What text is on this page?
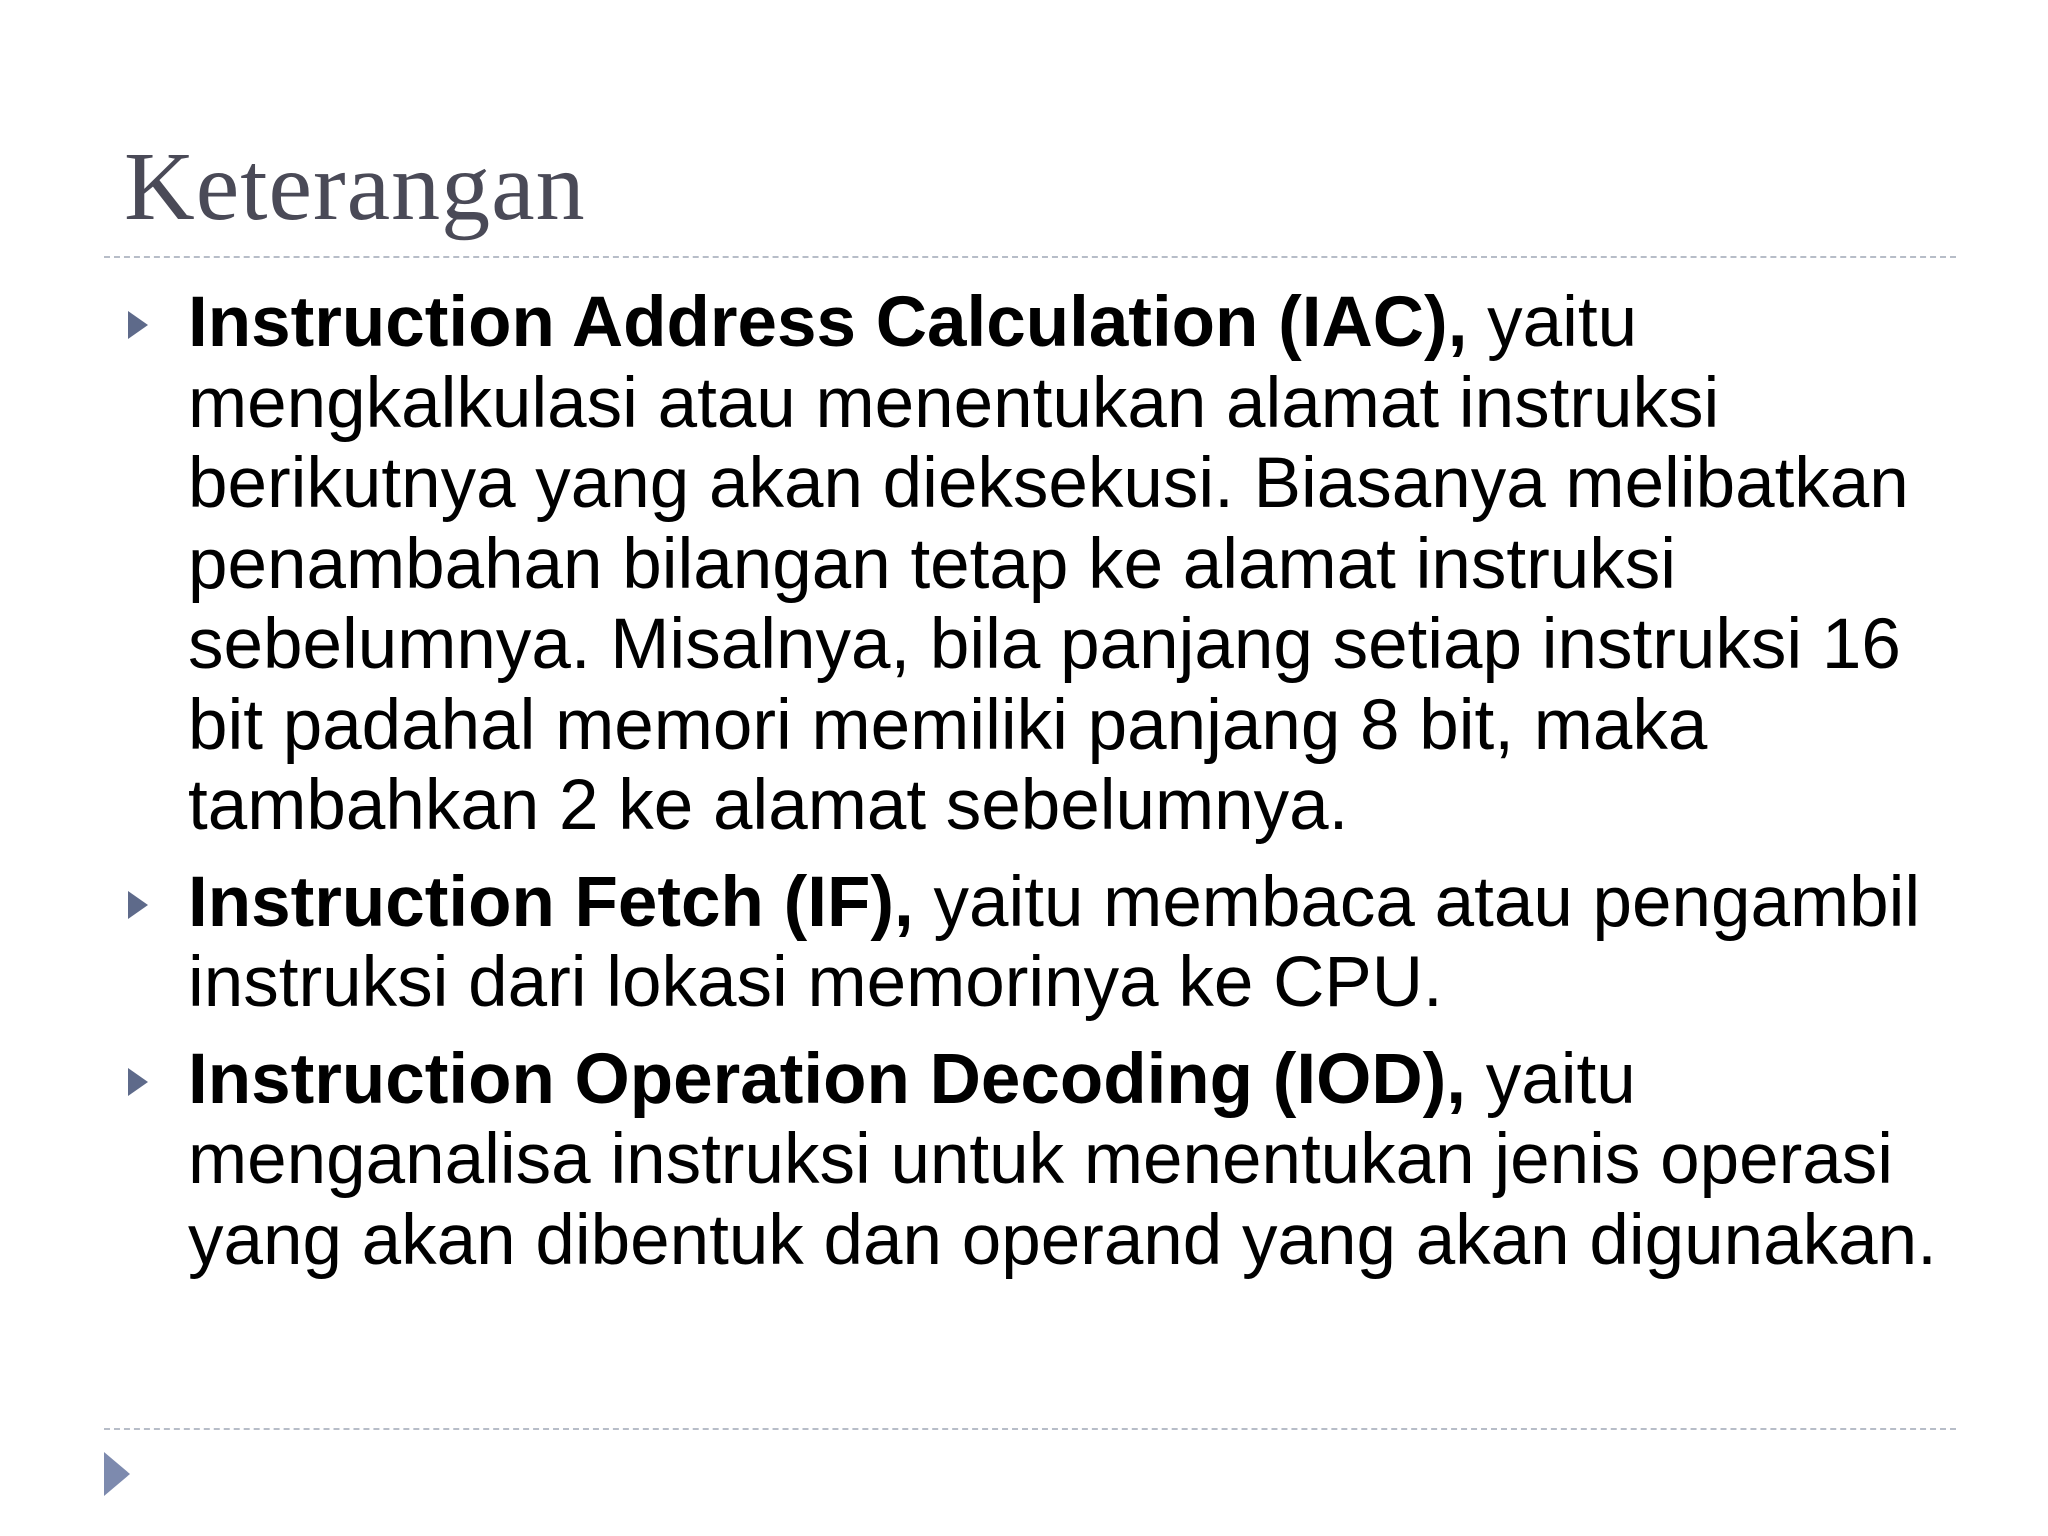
Keterangan
Instruction Address Calculation (IAC), yaitu mengkalkulasi atau menentukan alamat instruksi berikutnya yang akan dieksekusi. Biasanya melibatkan penambahan bilangan tetap ke alamat instruksi sebelumnya. Misalnya, bila panjang setiap instruksi 16 bit padahal memori memiliki panjang 8 bit, maka tambahkan 2 ke alamat sebelumnya.
Instruction Fetch (IF), yaitu membaca atau pengambil instruksi dari lokasi memorinya ke CPU.
Instruction Operation Decoding (IOD), yaitu menganalisa instruksi untuk menentukan jenis operasi yang akan dibentuk dan operand yang akan digunakan.
